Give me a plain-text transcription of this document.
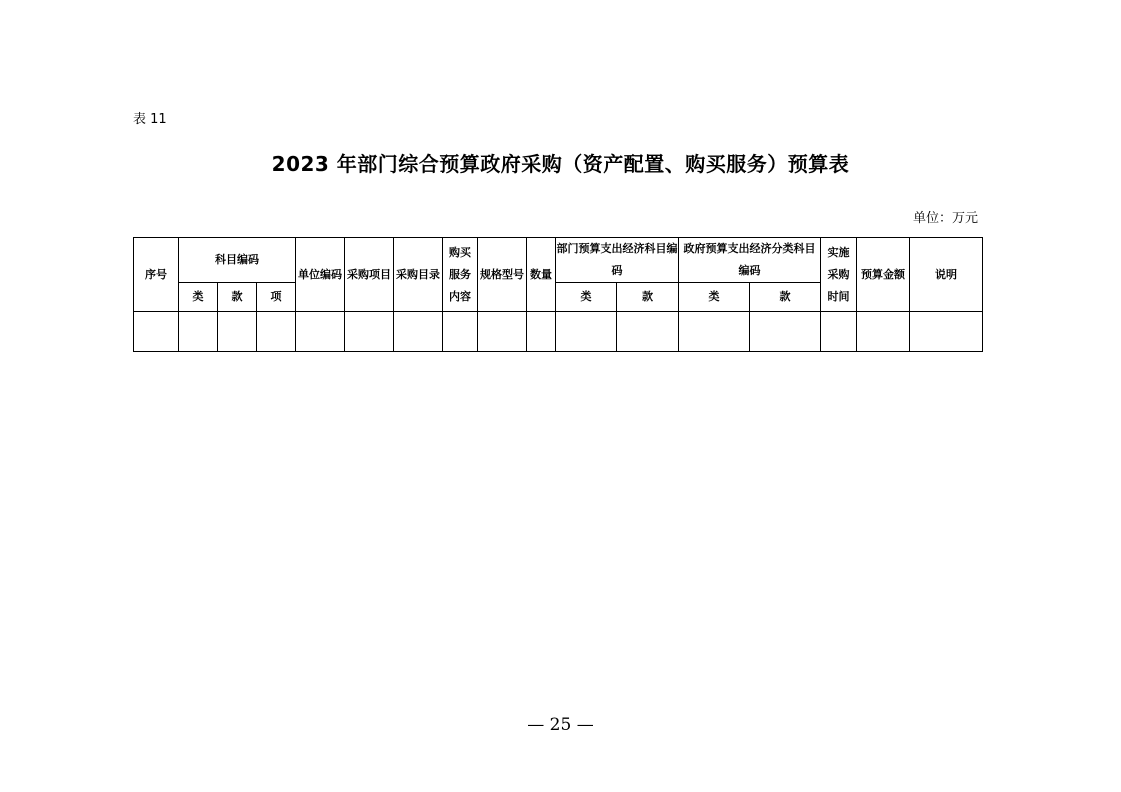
表 11
2023 年部门综合预算政府采购（资产配置、购买服务）预算表
单位：万元
序号	科目编码			单位编码	采购项目	采购目录	购买服务内容	规格型号	数量	部门预算支出经济科目编码		政府预算支出经济分类科目编码		实施采购时间	预算金额	说明
	类	款	项							类	款	类	款			

— 25 —
